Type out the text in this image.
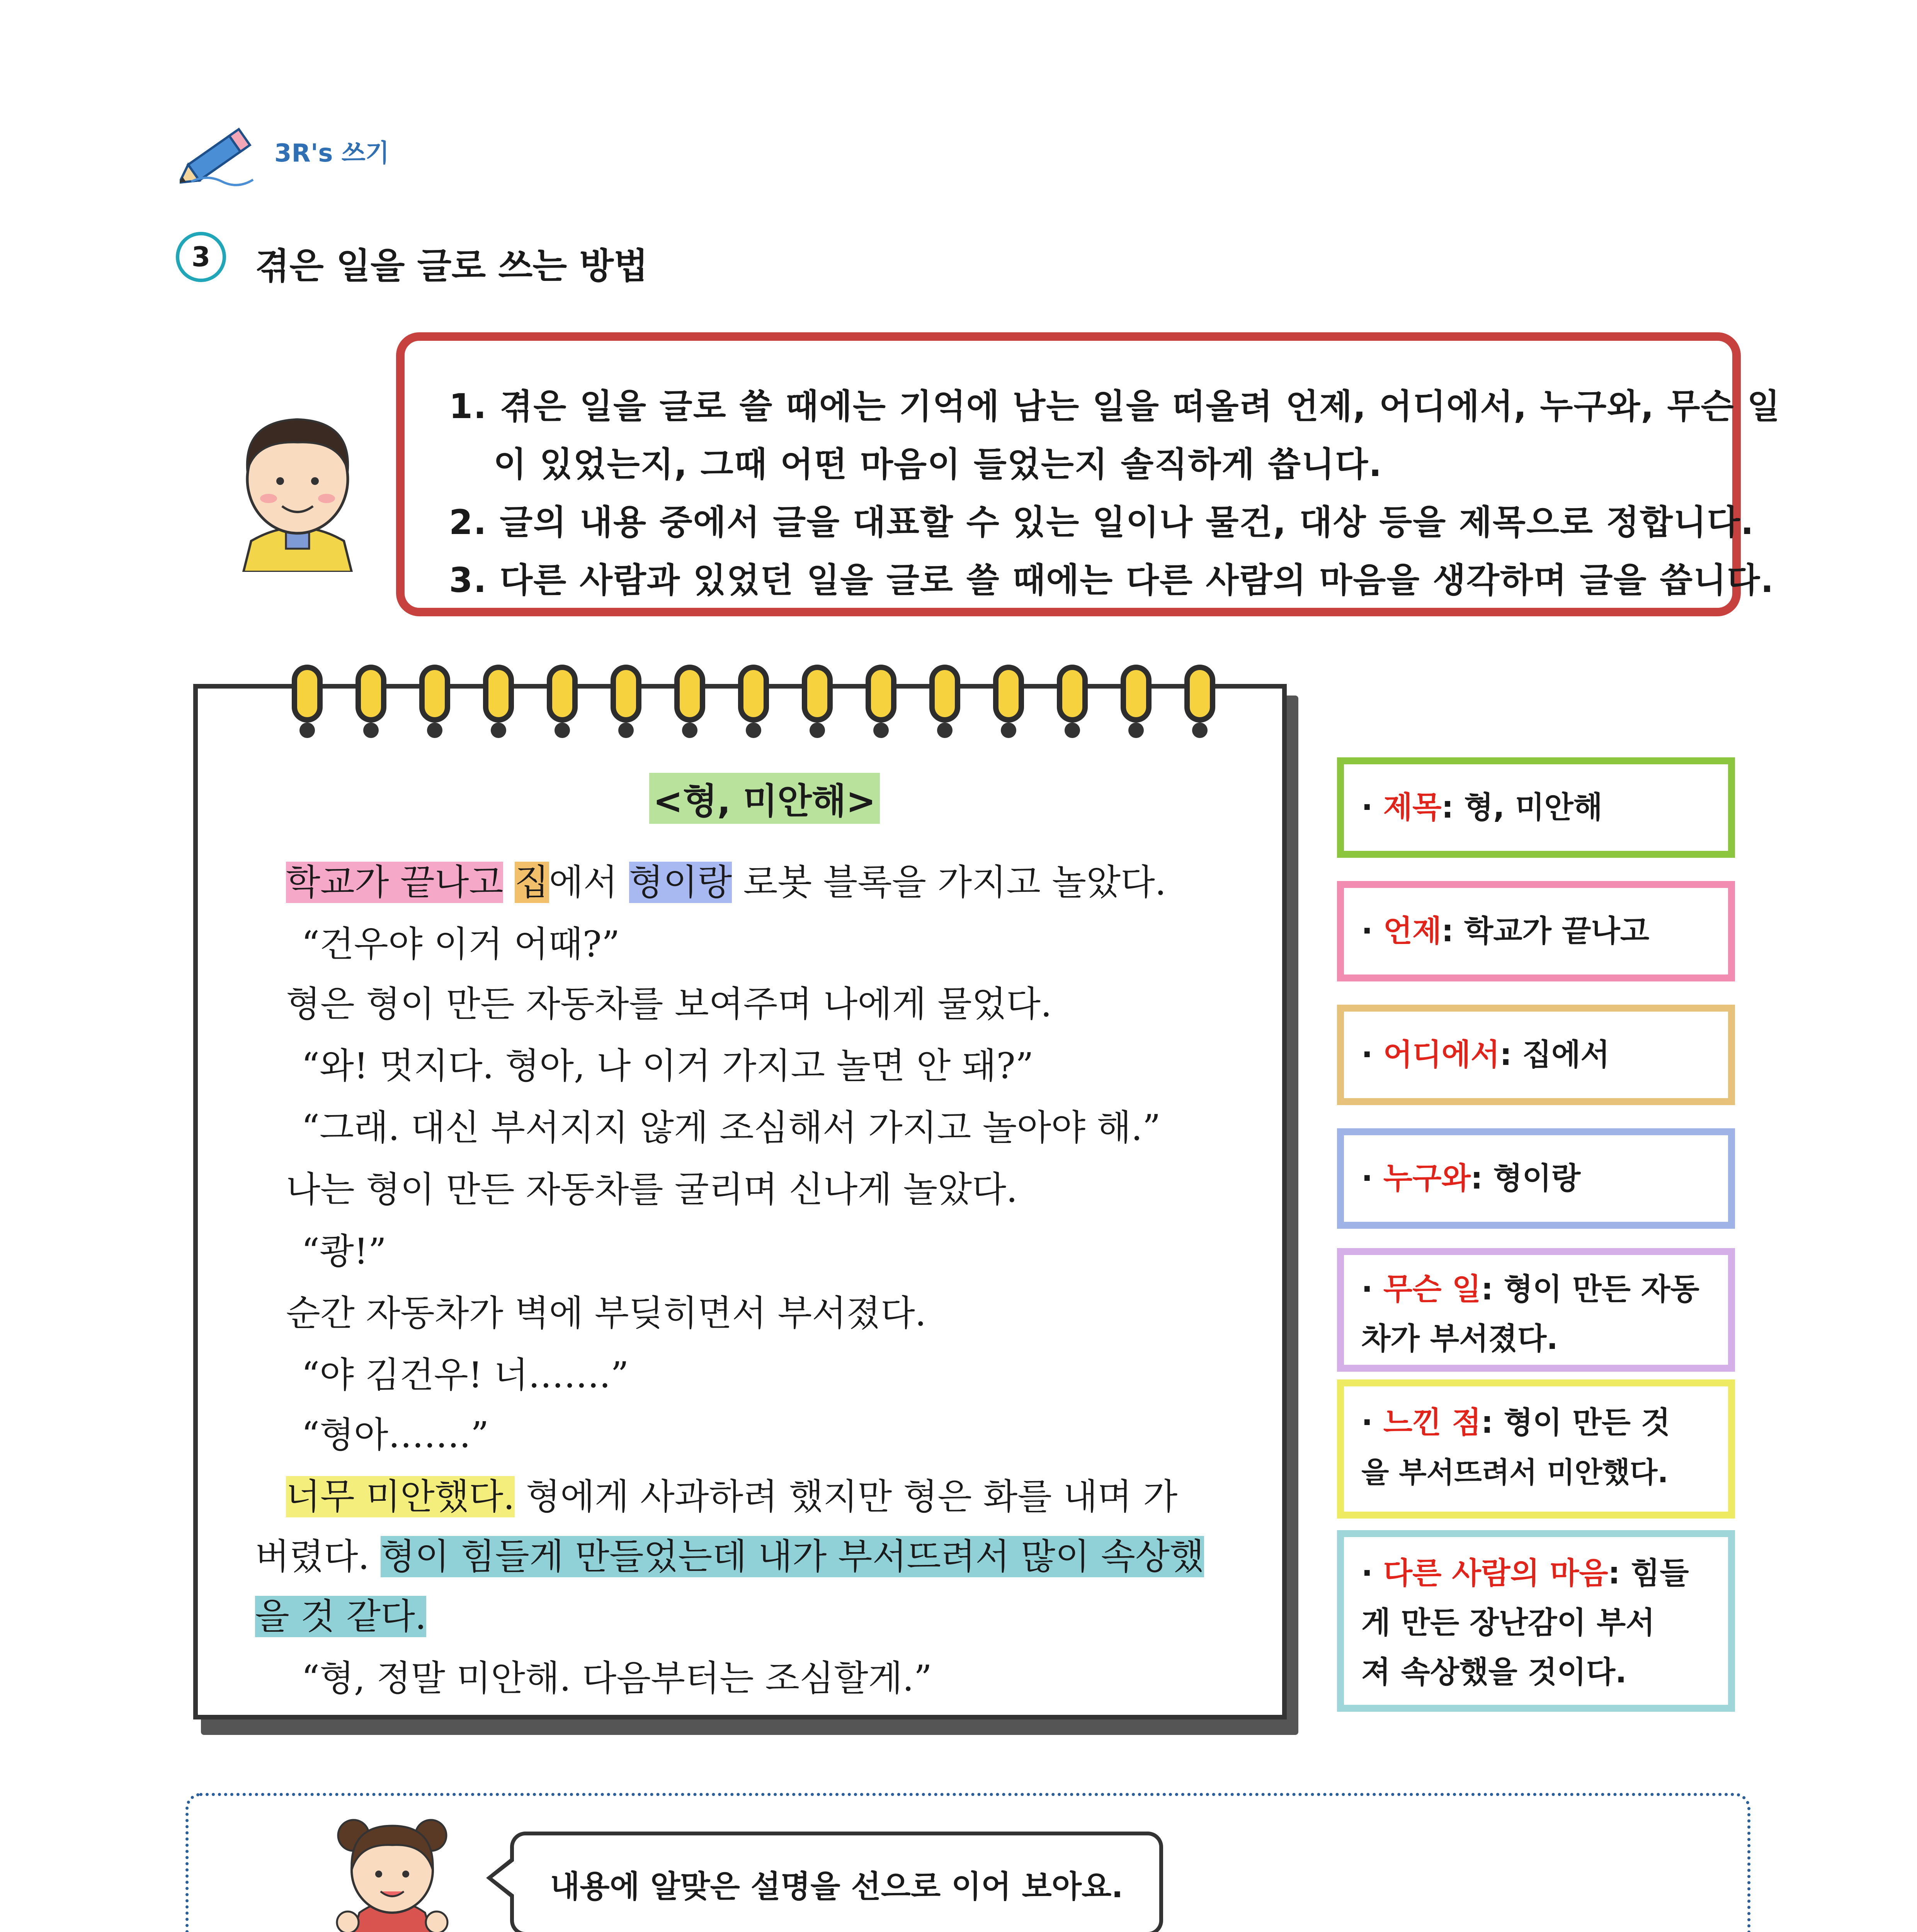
3R's 쓰기
3	겪은 일을 글로 쓰는 방법
1. 겪은 일을 글로 쓸 때에는 기억에 남는 일을 떠올려 언제, 어디에서, 누구와, 무슨 일
이 있었는지, 그때 어떤 마음이 들었는지 솔직하게 씁니다.
2. 글의 내용 중에서 글을 대표할 수 있는 일이나 물건, 대상 등을 제목으로 정합니다.
3. 다른 사람과 있었던 일을 글로 쓸 때에는 다른 사람의 마음을 생각하며 글을 씁니다.
<형, 미안해>
학교가 끝나고 집에서 형이랑 로봇 블록을 가지고 놀았다.
“건우야 이거 어때?”
형은 형이 만든 자동차를 보여주며 나에게 물었다.
“와! 멋지다. 형아, 나 이거 가지고 놀면 안 돼?”
“그래. 대신 부서지지 않게 조심해서 가지고 놀아야 해.”
나는 형이 만든 자동차를 굴리며 신나게 놀았다.
“쾅!”
순간 자동차가 벽에 부딪히면서 부서졌다.
“야 김건우! 너…….”
“형아…….”
너무 미안했다. 형에게 사과하려 했지만 형은 화를 내며 가
버렸다. 형이 힘들게 만들었는데 내가 부서뜨려서 많이 속상했
을 것 같다.
“형, 정말 미안해. 다음부터는 조심할게.”
· 제목: 형, 미안해
· 언제: 학교가 끝나고
· 어디에서: 집에서
· 누구와: 형이랑
· 무슨 일: 형이 만든 자동
차가 부서졌다.
· 느낀 점: 형이 만든 것
을 부서뜨려서 미안했다.
· 다른 사람의 마음: 힘들
게 만든 장난감이 부서
져 속상했을 것이다.
내용에 알맞은 설명을 선으로 이어 보아요.
